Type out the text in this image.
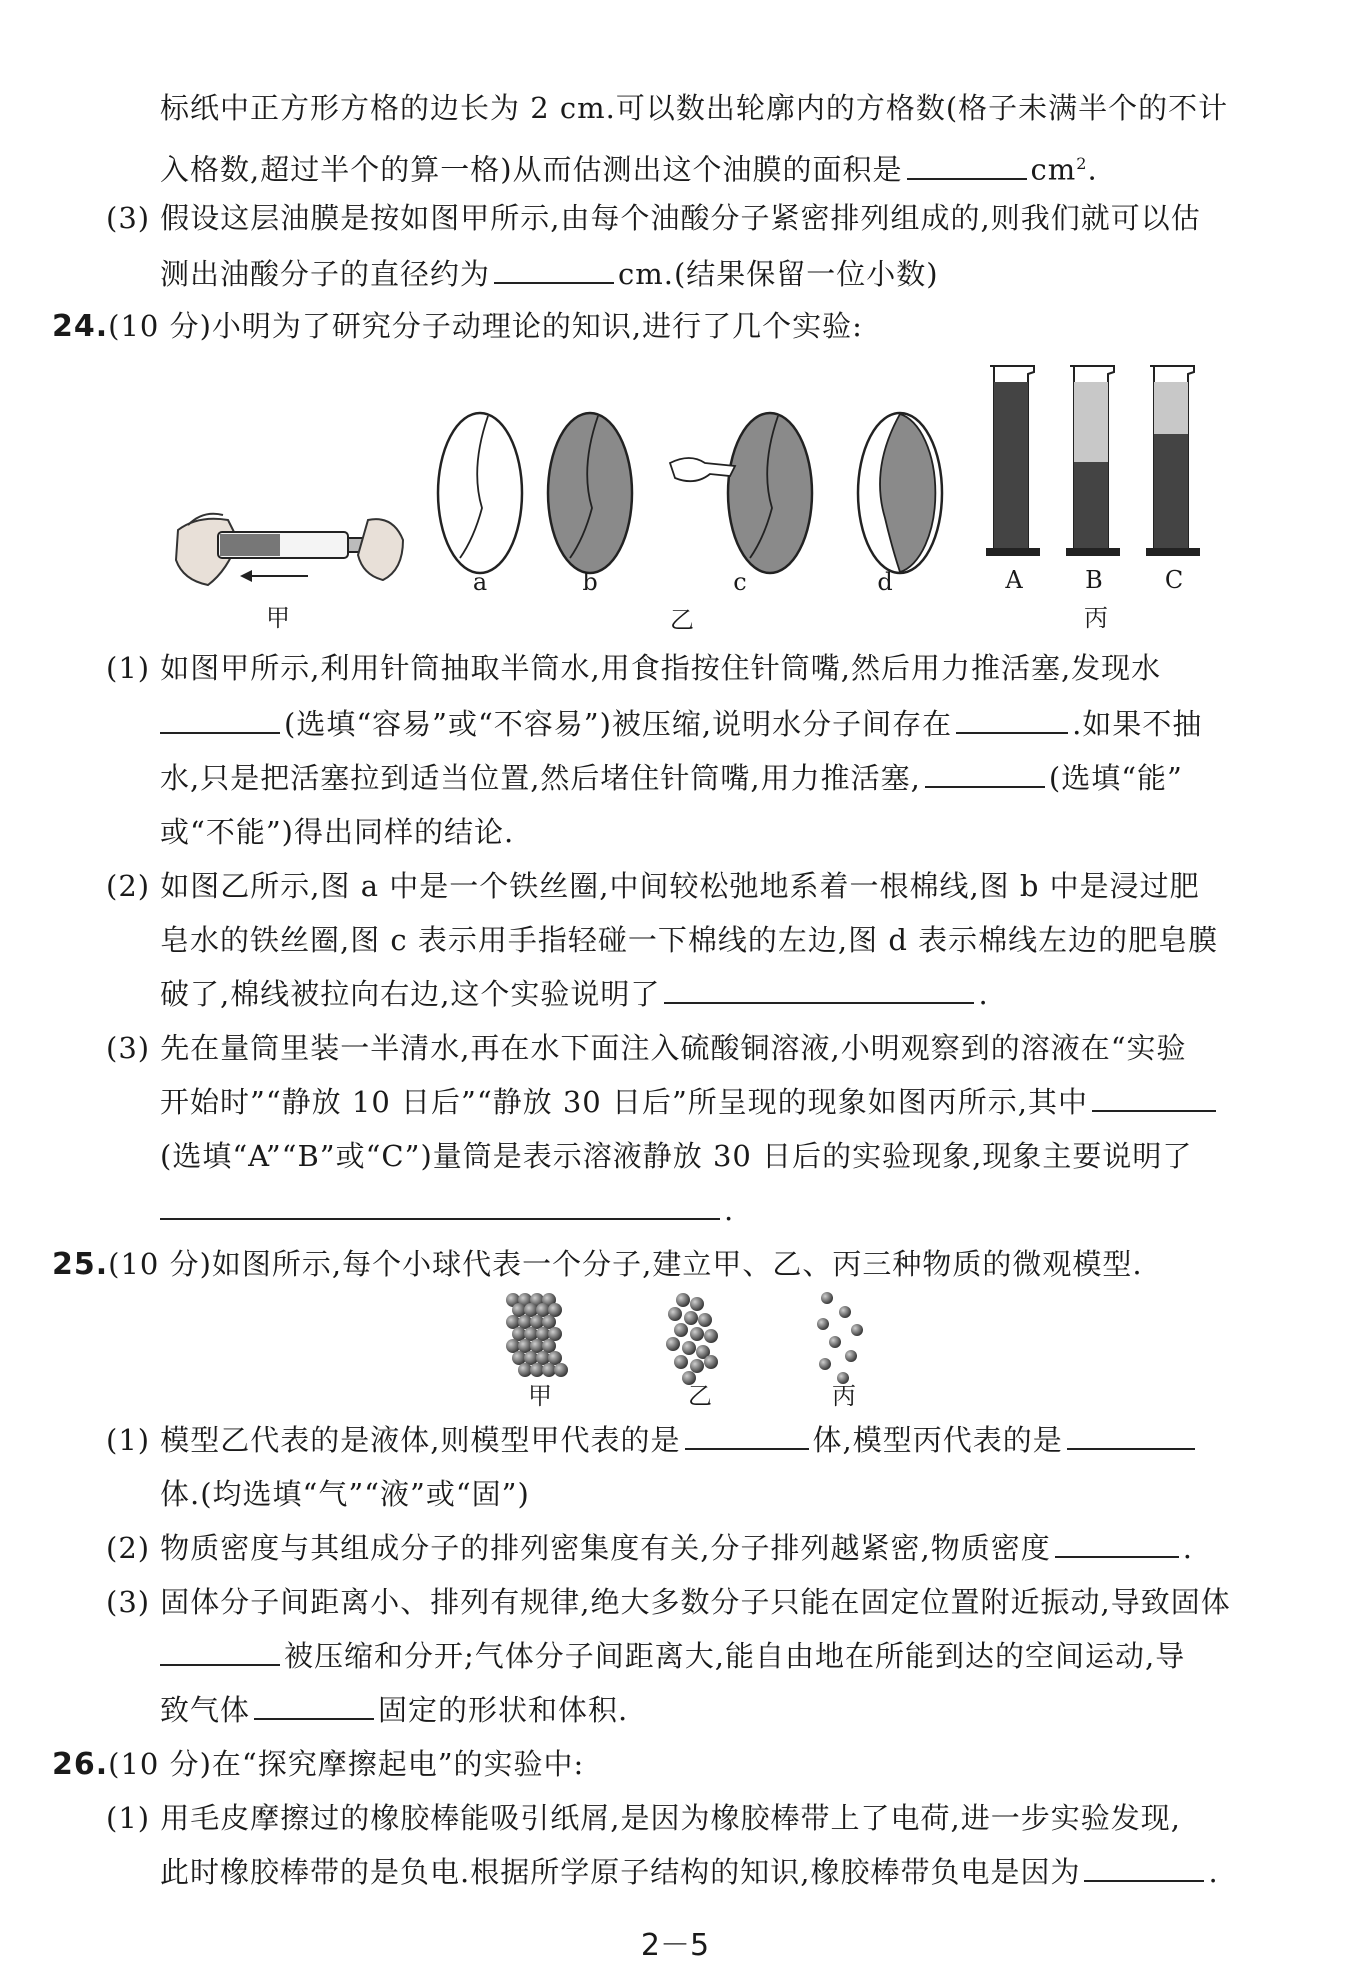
标纸中正方形方格的边长为 2 cm.可以数出轮廓内的方格数(格子未满半个的不计
入格数,超过半个的算一格)从而估测出这个油膜的面积是	$cm^2$.
(3) 假设这层油膜是按如图甲所示,由每个油酸分子紧密排列组成的,则我们就可以估
测出油酸分子的直径约为	cm.(结果保留一位小数)
24.(10 分)小明为了研究分子动理论的知识,进行了几个实验:
甲
a	b	c	d
乙
A	B	C
丙
(1) 如图甲所示,利用针筒抽取半筒水,用食指按住针筒嘴,然后用力推活塞,发现水
(选填“容易”或“不容易”)被压缩,说明水分子间存在	.如果不抽
水,只是把活塞拉到适当位置,然后堵住针筒嘴,用力推活塞,	(选填“能”
或“不能”)得出同样的结论.
(2) 如图乙所示,图 a 中是一个铁丝圈,中间较松弛地系着一根棉线,图 b 中是浸过肥
皂水的铁丝圈,图 c 表示用手指轻碰一下棉线的左边,图 d 表示棉线左边的肥皂膜
破了,棉线被拉向右边,这个实验说明了	.
(3) 先在量筒里装一半清水,再在水下面注入硫酸铜溶液,小明观察到的溶液在“实验
开始时”“静放 10 日后”“静放 30 日后”所呈现的现象如图丙所示,其中
(选填“A”“B”或“C”)量筒是表示溶液静放 30 日后的实验现象,现象主要说明了
.
25.(10 分)如图所示,每个小球代表一个分子,建立甲、乙、丙三种物质的微观模型.
甲	乙	丙
(1) 模型乙代表的是液体,则模型甲代表的是	体,模型丙代表的是
体.(均选填“气”“液”或“固”)
(2) 物质密度与其组成分子的排列密集度有关,分子排列越紧密,物质密度	.
(3) 固体分子间距离小、排列有规律,绝大多数分子只能在固定位置附近振动,导致固体
被压缩和分开;气体分子间距离大,能自由地在所能到达的空间运动,导
致气体	固定的形状和体积.
26.(10 分)在“探究摩擦起电”的实验中:
(1) 用毛皮摩擦过的橡胶棒能吸引纸屑,是因为橡胶棒带上了电荷,进一步实验发现,
此时橡胶棒带的是负电.根据所学原子结构的知识,橡胶棒带负电是因为	.
2－5
